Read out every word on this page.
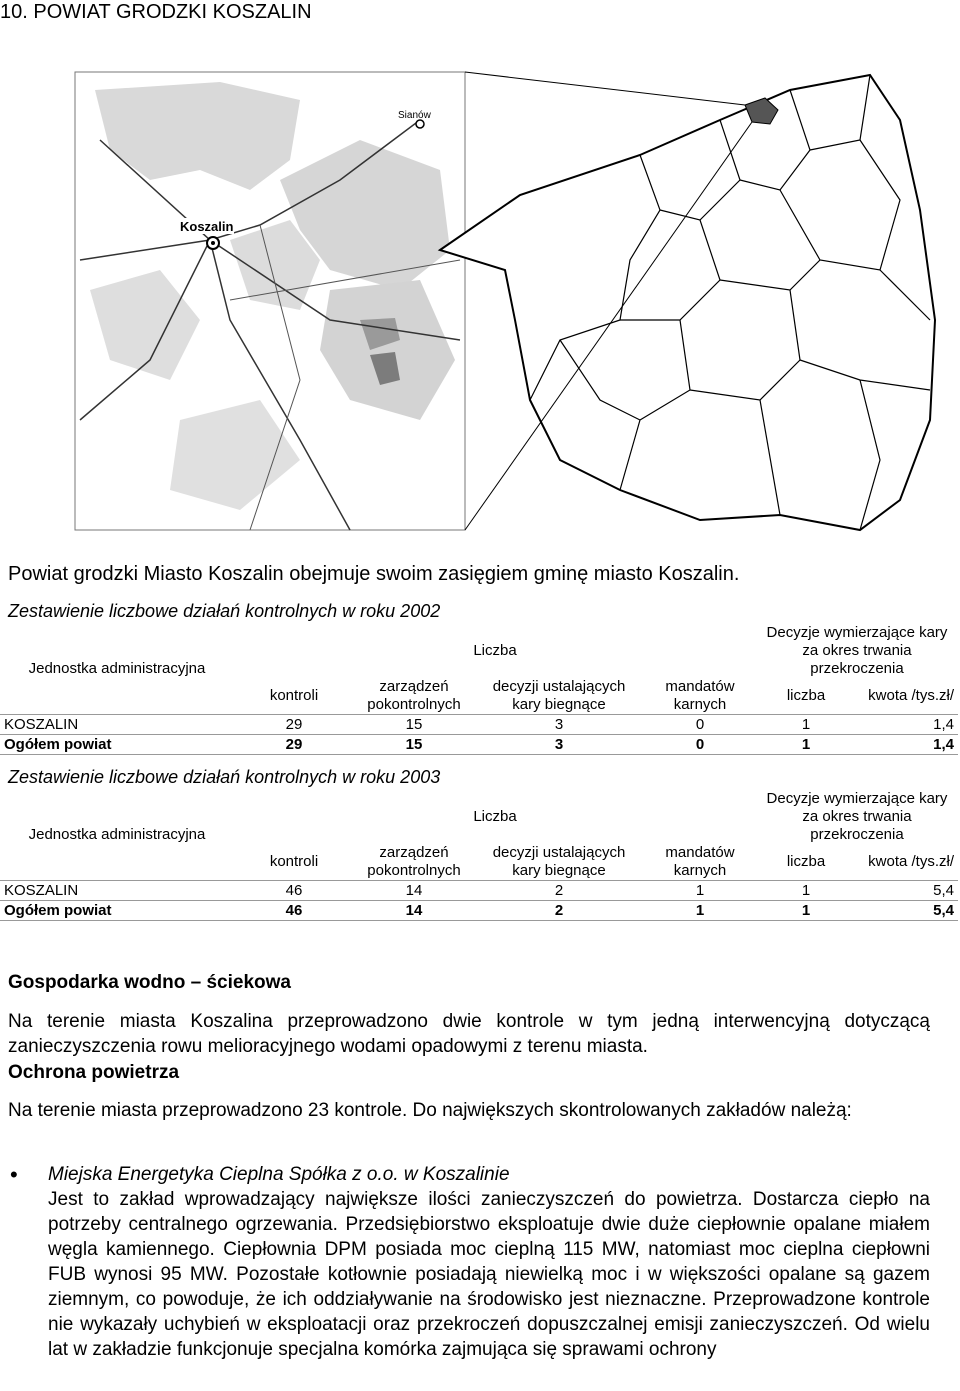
10. POWIAT GRODZKI KOSZALIN
Koszalin
Sianów
Powiat grodzki Miasto Koszalin obejmuje swoim zasięgiem gminę miasto Koszalin.
Zestawienie liczbowe działań kontrolnych w roku 2002
Jednostka administracyjna	Liczba				Decyzje wymierzające kary za okres trwania przekroczenia	
	kontroli	zarządzeń pokontrolnych	decyzji ustalających kary biegnące	mandatów karnych	liczba	kwota /tys.zł/
KOSZALIN	29	15	3	0	1	1,4
Ogółem powiat	29	15	3	0	1	1,4
Zestawienie liczbowe działań kontrolnych w roku 2003
Jednostka administracyjna	Liczba				Decyzje wymierzające kary za okres trwania przekroczenia	
	kontroli	zarządzeń pokontrolnych	decyzji ustalających kary biegnące	mandatów karnych	liczba	kwota /tys.zł/
KOSZALIN	46	14	2	1	1	5,4
Ogółem powiat	46	14	2	1	1	5,4
Gospodarka wodno – ściekowa
Na terenie miasta Koszalina przeprowadzono dwie kontrole w tym jedną interwencyjną dotyczącą zanieczyszczenia rowu melioracyjnego wodami opadowymi z terenu miasta.
Ochrona powietrza
Na terenie miasta przeprowadzono 23 kontrole. Do największych skontrolowanych zakładów należą:
• Miejska Energetyka Cieplna Spółka z o.o. w Koszalinie
Jest to zakład wprowadzający największe ilości zanieczyszczeń do powietrza. Dostarcza ciepło na potrzeby centralnego ogrzewania. Przedsiębiorstwo eksploatuje dwie duże ciepłownie opalane miałem węgla kamiennego. Ciepłownia DPM posiada moc cieplną 115 MW, natomiast moc cieplna ciepłowni FUB wynosi 95 MW. Pozostałe kotłownie posiadają niewielką moc i w większości opalane są gazem ziemnym, co powoduje, że ich oddziaływanie na środowisko jest nieznaczne. Przeprowadzone kontrole nie wykazały uchybień w eksploatacji oraz przekroczeń dopuszczalnej emisji zanieczyszczeń. Od wielu lat w zakładzie funkcjonuje specjalna komórka zajmująca się sprawami ochrony
